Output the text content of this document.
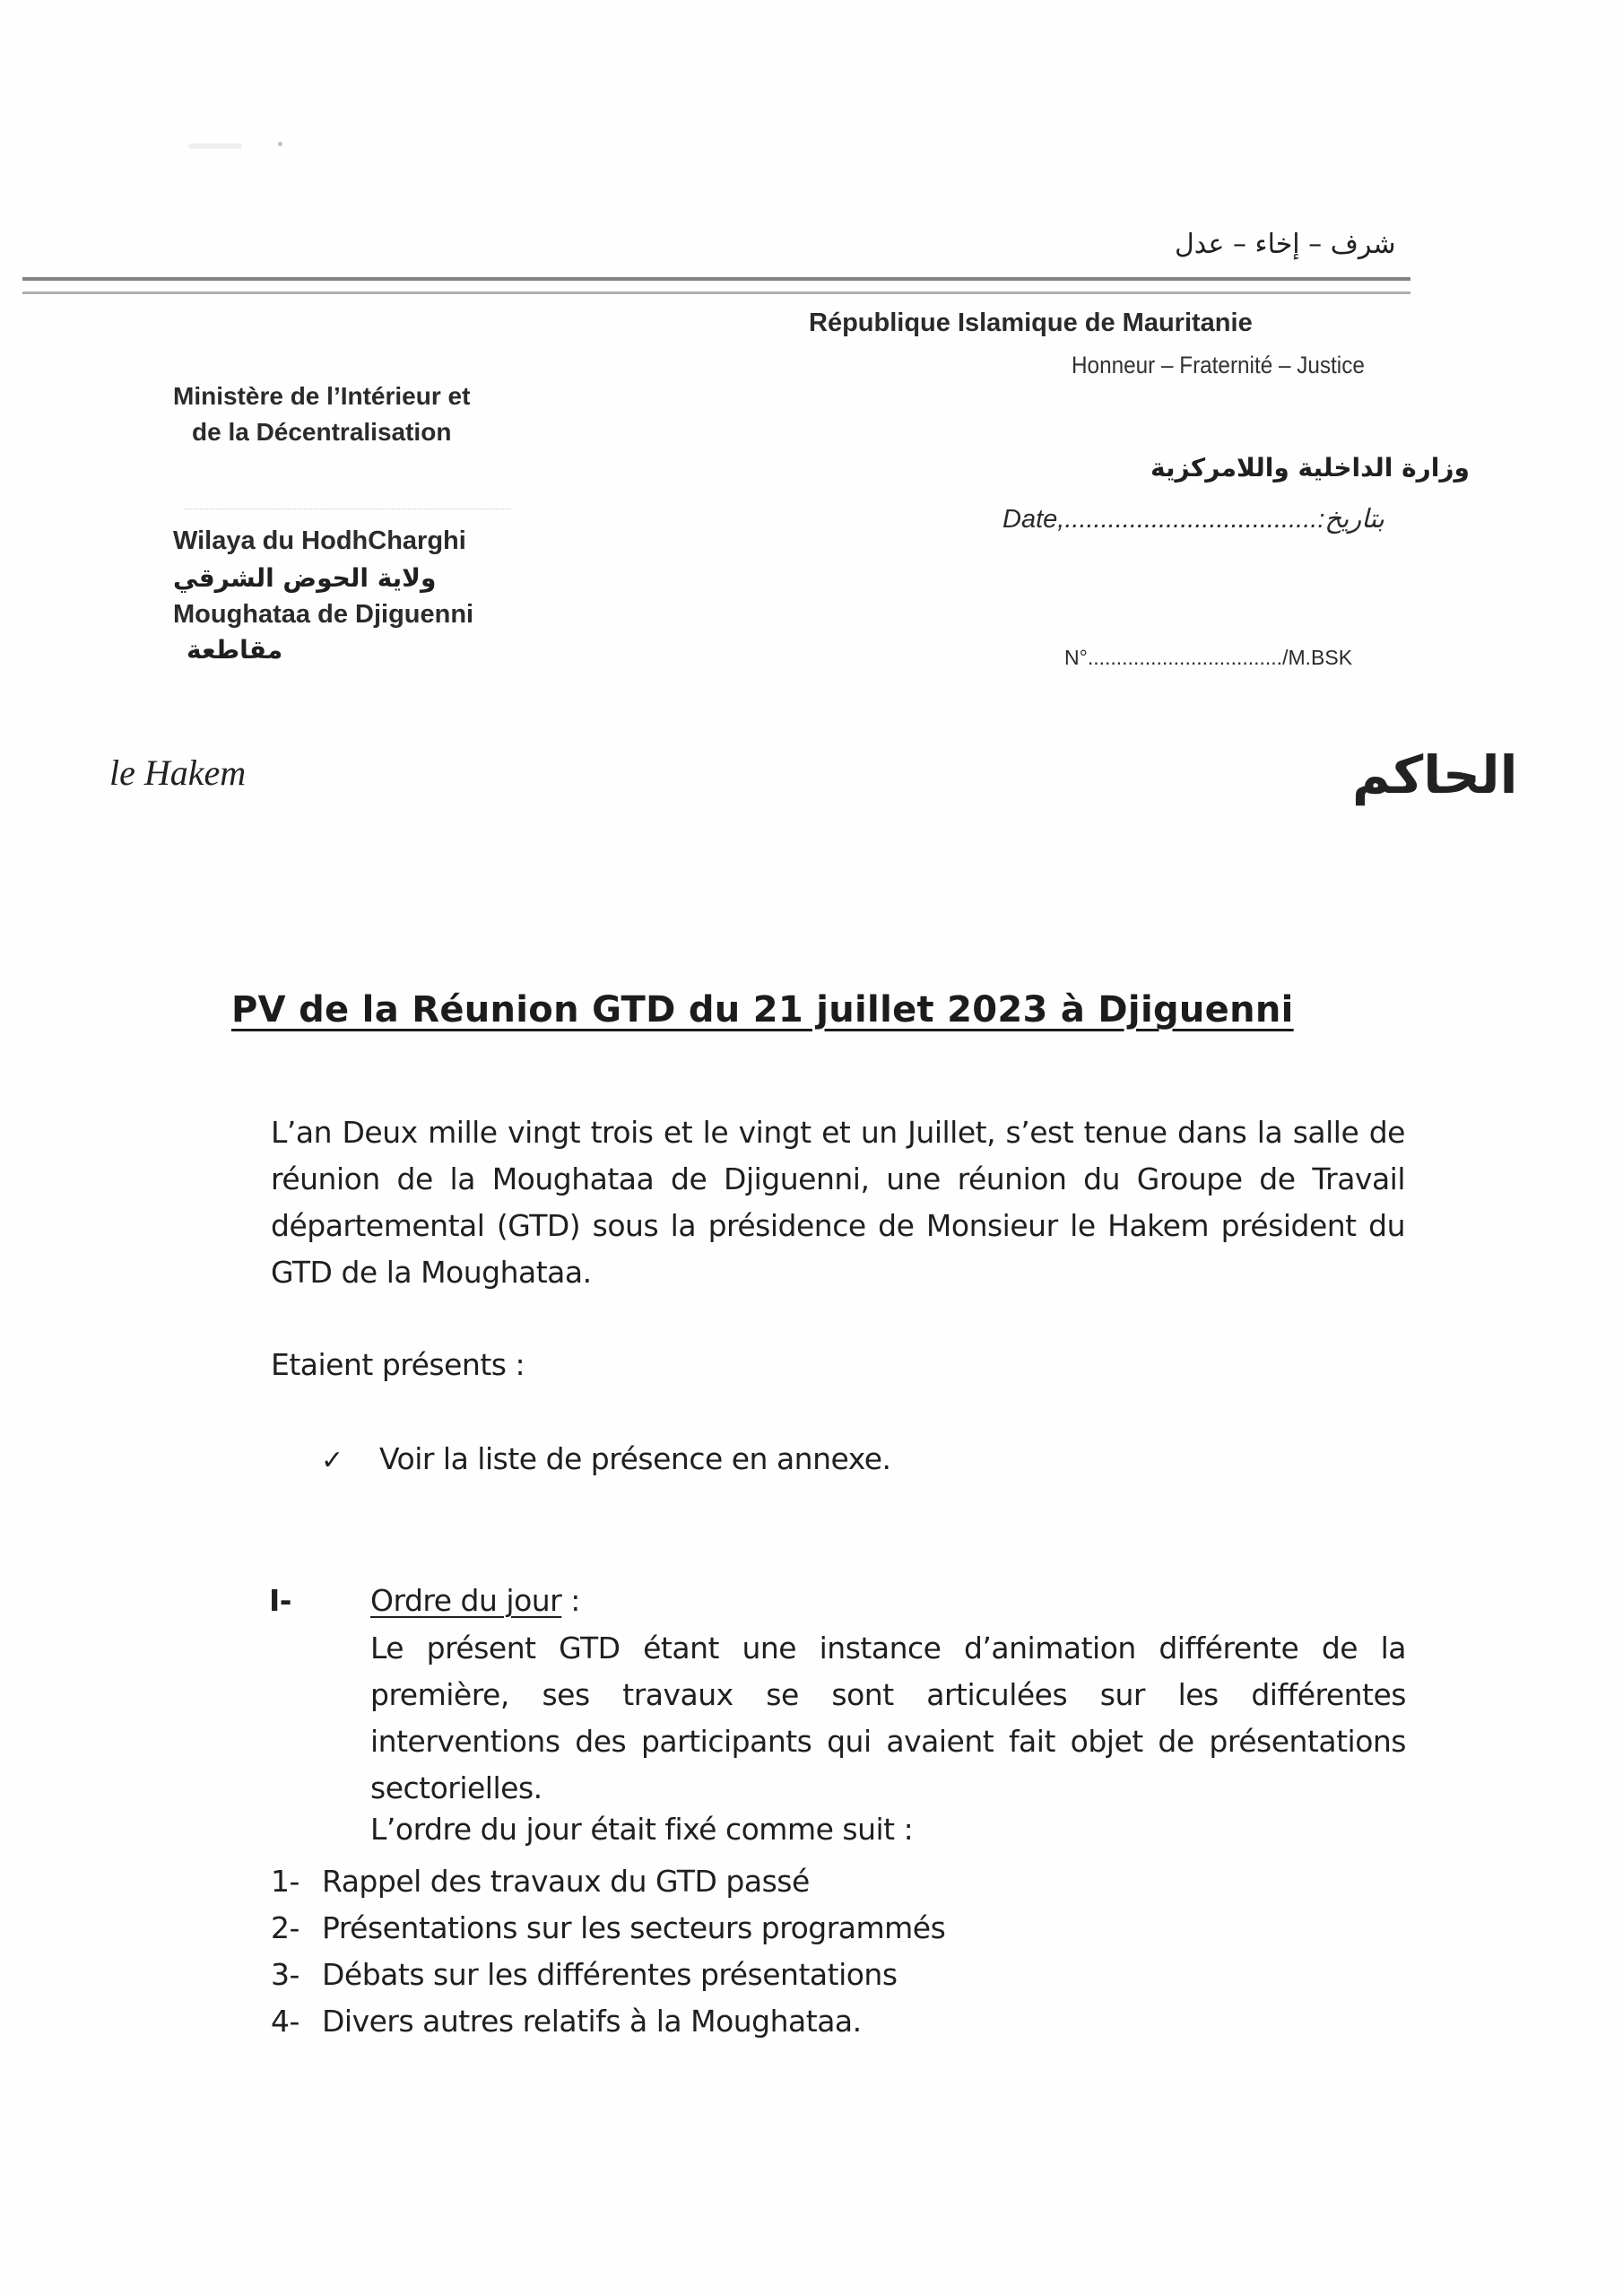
شرف – إخاء – عدل
République Islamique de Mauritanie
Honneur – Fraternité – Justice
Ministère de l’Intérieur et
de la Décentralisation
Wilaya du HodhCharghi
ولاية الحوض الشرقي
Moughataa de Djiguenni
مقاطعة
وزارة الداخلية واللامركزية
Date,...................................بتاريخ:
N°................................../M.BSK
le Hakem	الحاكم
PV de la Réunion GTD du 21 juillet 2023 à Djiguenni
L’an Deux mille vingt trois et le vingt et un Juillet, s’est tenue dans la salle de réunion de la Moughataa de Djiguenni, une réunion du Groupe de Travail départemental (GTD) sous la présidence de Monsieur le Hakem président du GTD de la Moughataa.
Etaient présents :
✓ Voir la liste de présence en annexe.
I-	Ordre du jour :
Le présent GTD étant une instance d’animation différente de la première, ses travaux se sont articulées sur les différentes interventions des participants qui avaient fait objet de présentations sectorielles.
L’ordre du jour était fixé comme suit :
1- Rappel des travaux du GTD passé
2- Présentations sur les secteurs programmés
3- Débats sur les différentes présentations
4- Divers autres relatifs à la Moughataa.
